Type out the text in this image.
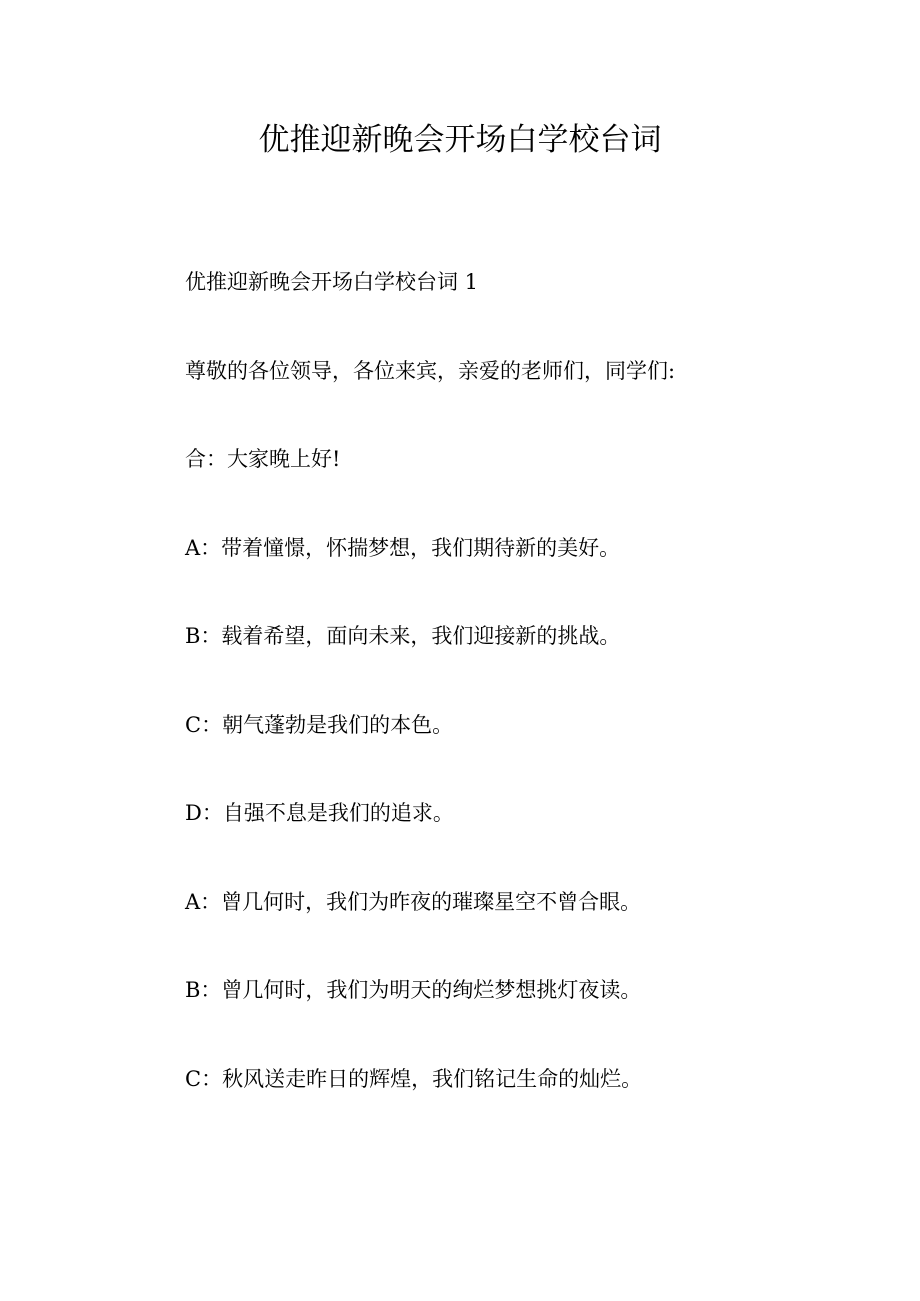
优推迎新晚会开场白学校台词
优推迎新晚会开场白学校台词 1
尊敬的各位领导，各位来宾，亲爱的老师们，同学们:
合：大家晚上好!
A：带着憧憬，怀揣梦想，我们期待新的美好。
B：载着希望，面向未来，我们迎接新的挑战。
C：朝气蓬勃是我们的本色。
D：自强不息是我们的追求。
A：曾几何时，我们为昨夜的璀璨星空不曾合眼。
B：曾几何时，我们为明天的绚烂梦想挑灯夜读。
C：秋风送走昨日的辉煌，我们铭记生命的灿烂。
